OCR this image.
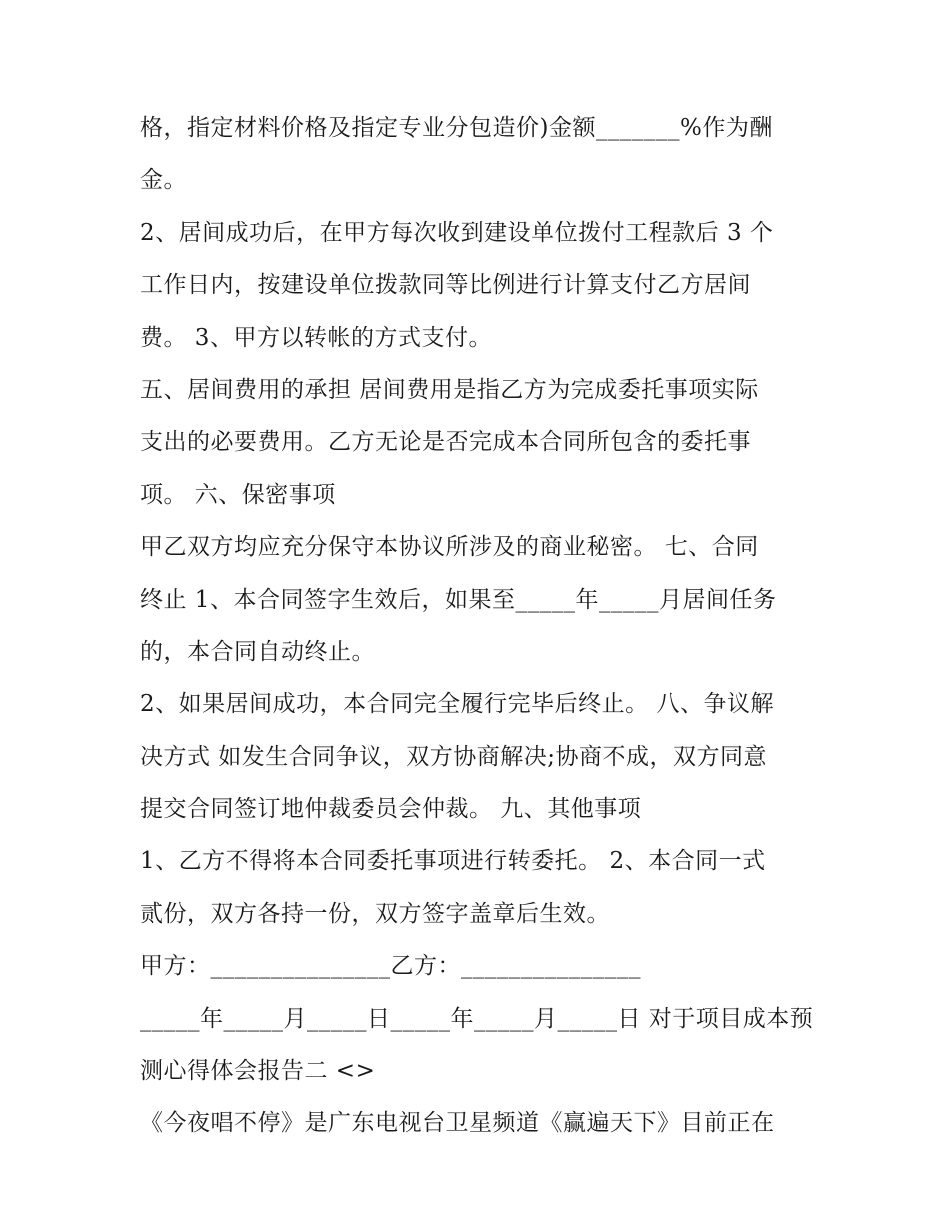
格，指定材料价格及指定专业分包造价)金额_______%作为酬
金。
2、居间成功后，在甲方每次收到建设单位拨付工程款后 3 个
工作日内，按建设单位拨款同等比例进行计算支付乙方居间
费。 3、甲方以转帐的方式支付。
五、居间费用的承担 居间费用是指乙方为完成委托事项实际
支出的必要费用。乙方无论是否完成本合同所包含的委托事
项。 六、保密事项
甲乙双方均应充分保守本协议所涉及的商业秘密。 七、合同
终止 1、本合同签字生效后，如果至_____年_____月居间任务
的，本合同自动终止。
2、如果居间成功，本合同完全履行完毕后终止。 八、争议解
决方式 如发生合同争议，双方协商解决;协商不成，双方同意
提交合同签订地仲裁委员会仲裁。 九、其他事项
1、乙方不得将本合同委托事项进行转委托。 2、本合同一式
贰份，双方各持一份，双方签字盖章后生效。
甲方：_______________乙方：_______________
_____年_____月_____日_____年_____月_____日 对于项目成本预
测心得体会报告二 <>
《今夜唱不停》是广东电视台卫星频道《赢遍天下》目前正在
